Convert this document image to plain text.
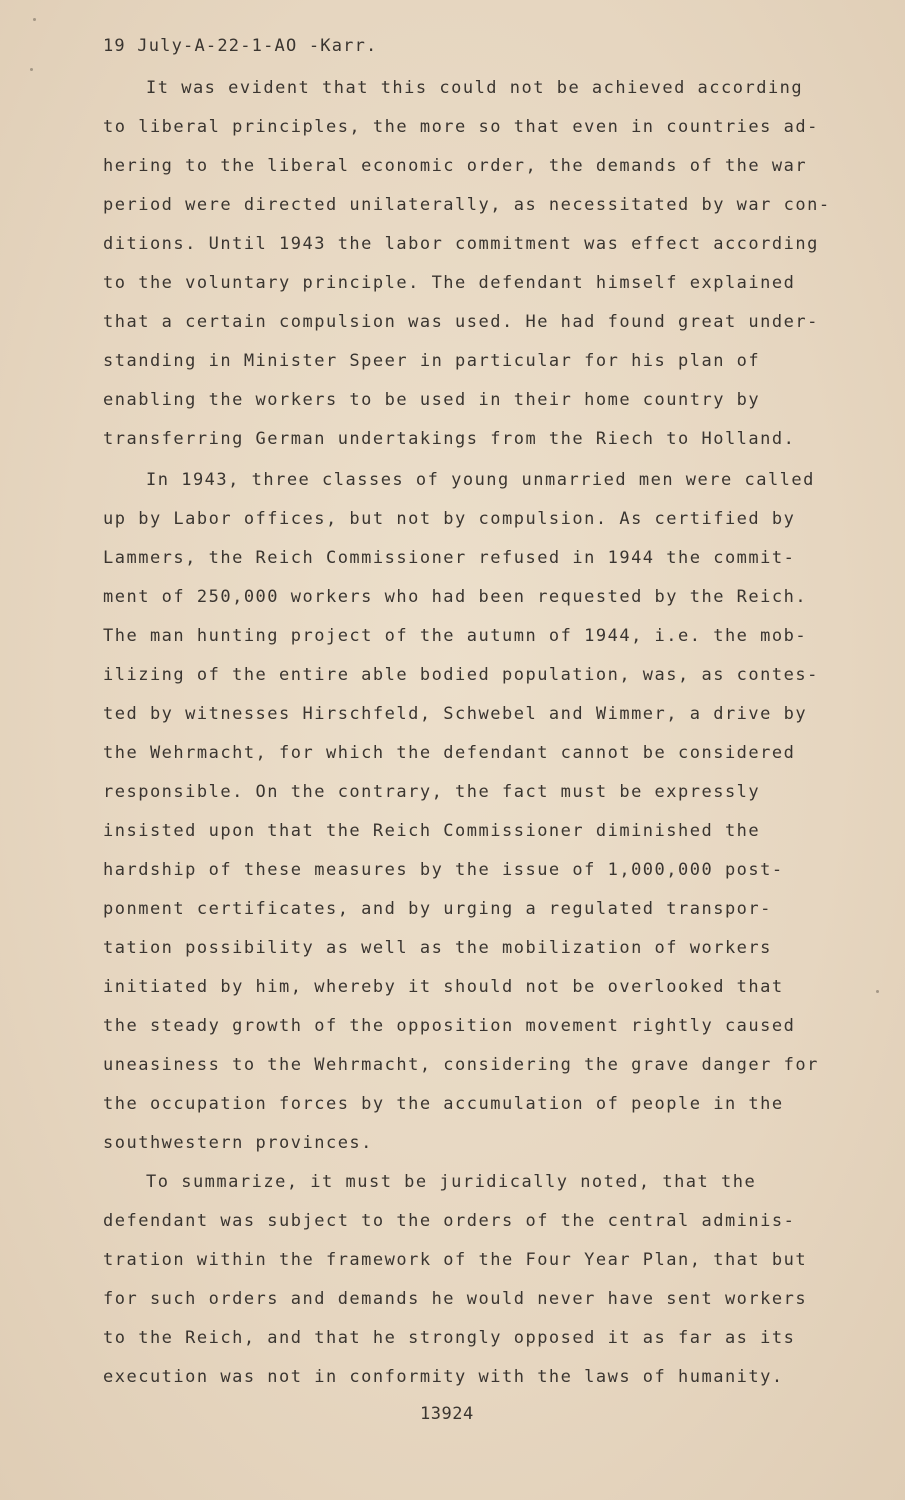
19 July-A-22-1-AO -Karr.
It was evident that this could not be achieved according
to liberal principles, the more so that even in countries ad-
hering to the liberal economic order, the demands of the war
period were directed unilaterally, as necessitated by war con-
ditions. Until 1943 the labor commitment was effect according
to the voluntary principle. The defendant himself explained
that a certain compulsion was used. He had found great under-
standing in Minister Speer in particular for his plan of
enabling the workers to be used in their home country by
transferring German undertakings from the Riech to Holland.
In 1943, three classes of young unmarried men were called
up by Labor offices, but not by compulsion. As certified by
Lammers, the Reich Commissioner refused in 1944 the commit-
ment of 250,000 workers who had been requested by the Reich.
The man hunting project of the autumn of 1944, i.e. the mob-
ilizing of the entire able bodied population, was, as contes-
ted by witnesses Hirschfeld, Schwebel and Wimmer, a drive by
the Wehrmacht, for which the defendant cannot be considered
responsible. On the contrary, the fact must be expressly
insisted upon that the Reich Commissioner diminished the
hardship of these measures by the issue of 1,000,000 post-
ponment certificates, and by urging a regulated transpor-
tation possibility as well as the mobilization of workers
initiated by him, whereby it should not be overlooked that
the steady growth of the opposition movement rightly caused
uneasiness to the Wehrmacht, considering the grave danger for
the occupation forces by the accumulation of people in the
southwestern provinces.
To summarize, it must be juridically noted, that the
defendant was subject to the orders of the central adminis-
tration within the framework of the Four Year Plan, that but
for such orders and demands he would never have sent workers
to the Reich, and that he strongly opposed it as far as its
execution was not in conformity with the laws of humanity.
13924
